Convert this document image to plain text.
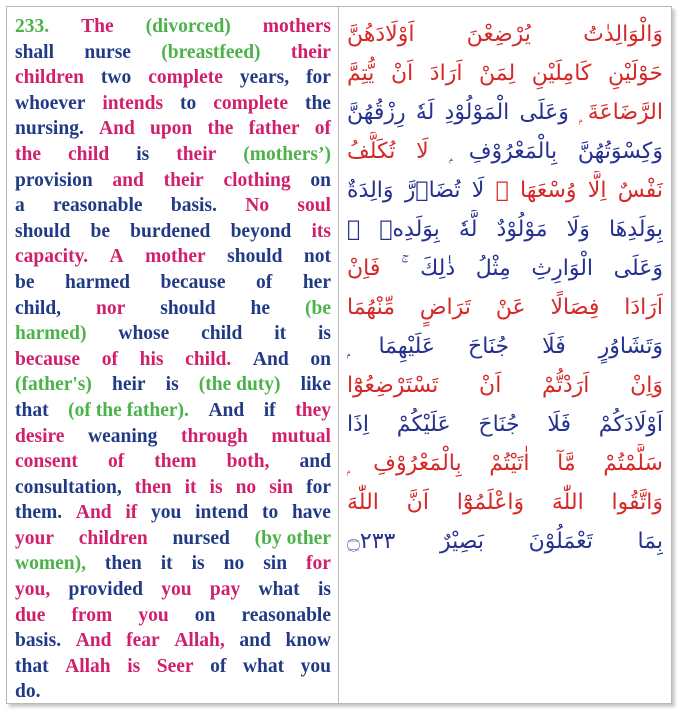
233. The (divorced) mothers
shall nurse (breastfeed) their
children two complete years, for
whoever intends to complete the
nursing. And upon the father of
the child is their (mothers’)
provision and their clothing on
a reasonable basis. No soul
should be burdened beyond its
capacity. A mother should not
be harmed because of her
child, nor should he (be
harmed) whose child it is
because of his child. And on
(father's) heir is (the duty) like
that (of the father). And if they
desire weaning through mutual
consent of them both, and
consultation, then it is no sin for
them. And if you intend to have
your children nursed (by other
women), then it is no sin for
you, provided you pay what is
due from you on reasonable
basis. And fear Allah, and know
that Allah is Seer of what you
do.
وَالْوَالِدٰتُ يُرْضِعْنَ اَوْلَادَهُنَّ
حَوْلَيْنِ كَامِلَيْنِ لِمَنْ اَرَادَ اَنْ يُّتِمَّ
الرَّضَاعَةَ ۭ وَعَلَى الْمَوْلُوْدِ لَهٗ رِزْقُهُنَّ
وَكِسْوَتُهُنَّ بِالْمَعْرُوْفِ ۭ لَا تُكَلَّفُ
نَفْسٌ اِلَّا وُسْعَهَا ۚ لَا تُضَاۗرَّ وَالِدَةٌ
بِوَلَدِهَا وَلَا مَوْلُوْدٌ لَّهٗ بِوَلَدِهٖ ۤ
وَعَلَى الْوَارِثِ مِثْلُ ذٰلِكَ ۚ فَاِنْ
اَرَادَا فِصَالًا عَنْ تَرَاضٍ مِّنْهُمَا
وَتَشَاوُرٍ فَلَا جُنَاحَ عَلَيْهِمَا ۭ
وَاِنْ اَرَدْتُّمْ اَنْ تَسْتَرْضِعُوْٓا
اَوْلَادَكُمْ فَلَا جُنَاحَ عَلَيْكُمْ اِذَا
سَلَّمْتُمْ مَّآ اٰتَيْتُمْ بِالْمَعْرُوْفِ ۭ
وَاتَّقُوا اللّٰهَ وَاعْلَمُوْٓا اَنَّ اللّٰهَ
بِمَا تَعْمَلُوْنَ بَصِيْرٌ ۝٢٣٣
